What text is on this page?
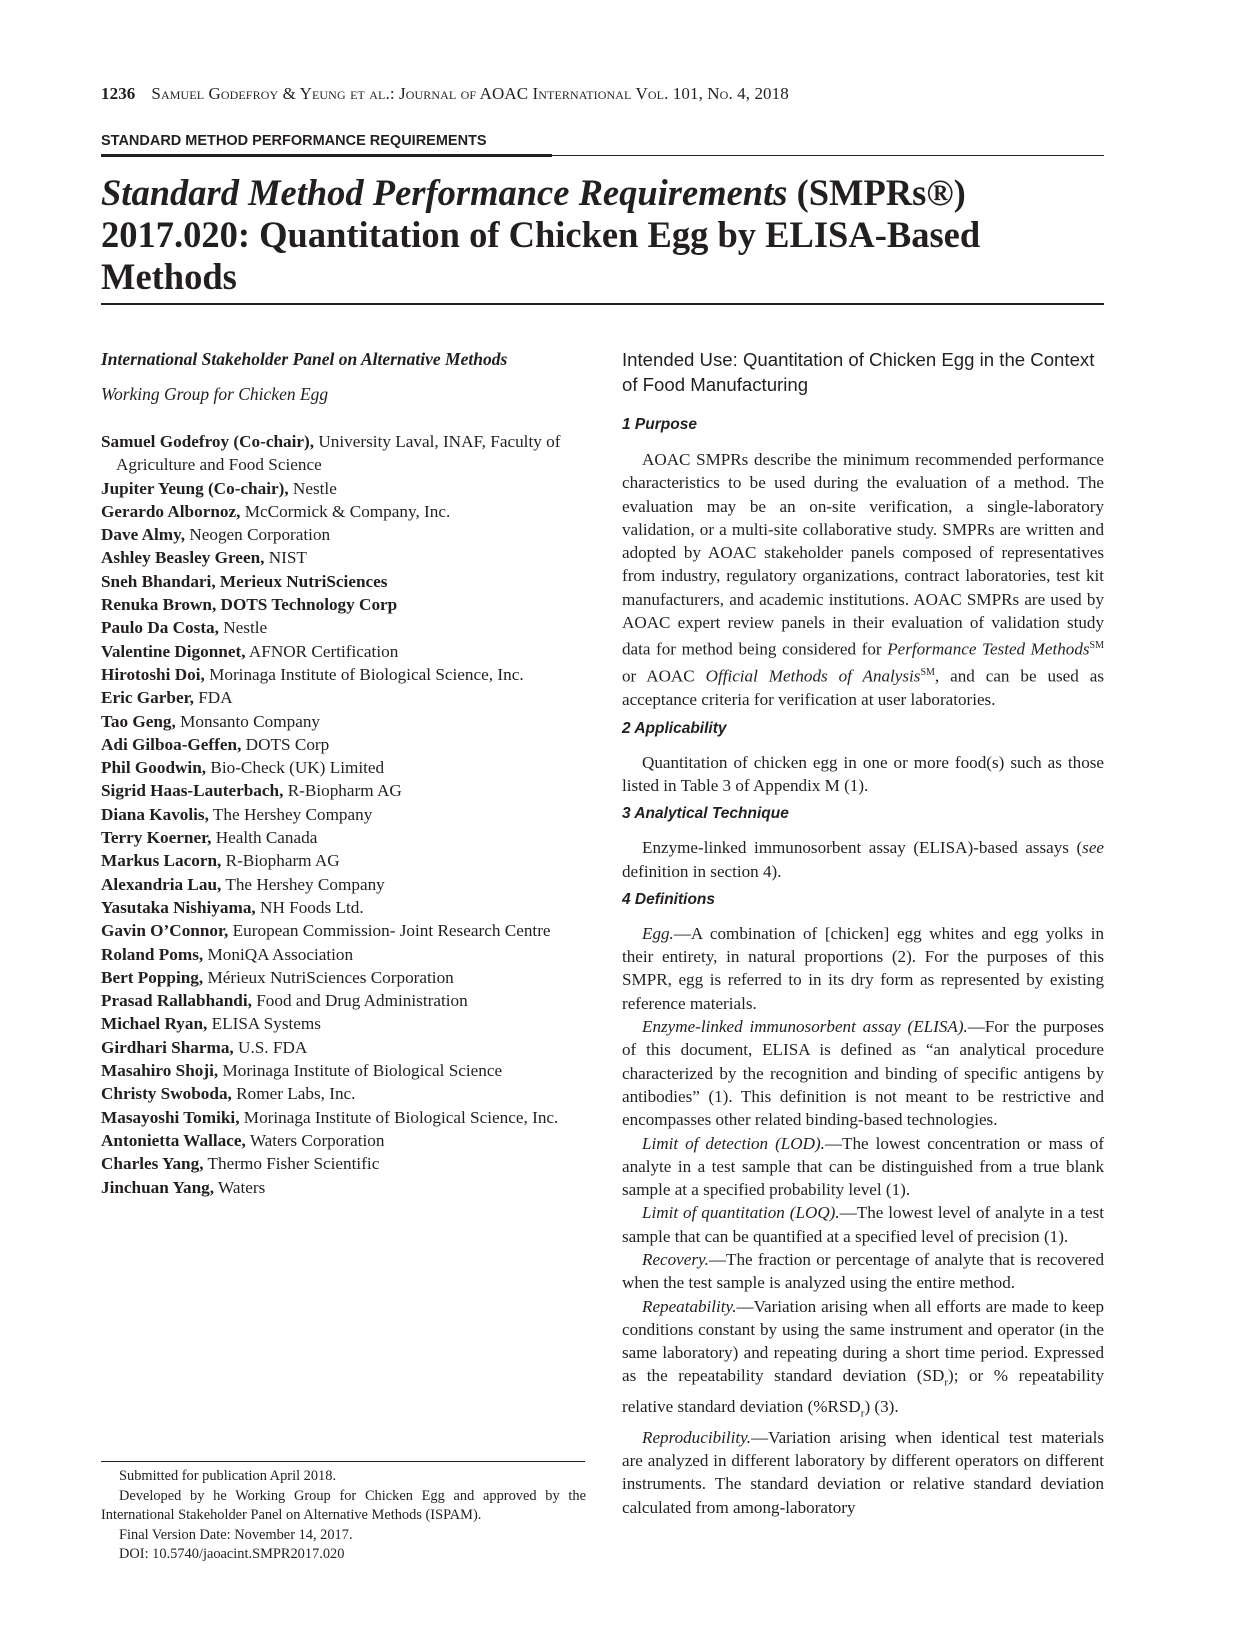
1236 Samuel Godefroy & Yeung et al.: Journal of AOAC International Vol. 101, No. 4, 2018
STANDARD METHOD PERFORMANCE REQUIREMENTS
Standard Method Performance Requirements (SMPRs®)
2017.020: Quantitation of Chicken Egg by ELISA-Based
Methods

International Stakeholder Panel on Alternative Methods

Working Group for Chicken Egg

Samuel Godefroy (Co-chair), University Laval, INAF, Faculty of Agriculture and Food Science
Jupiter Yeung (Co-chair), Nestle
Gerardo Albornoz, McCormick & Company, Inc.
Dave Almy, Neogen Corporation
Ashley Beasley Green, NIST
Sneh Bhandari, Merieux NutriSciences
Renuka Brown, DOTS Technology Corp
Paulo Da Costa, Nestle
Valentine Digonnet, AFNOR Certification
Hirotoshi Doi, Morinaga Institute of Biological Science, Inc.
Eric Garber, FDA
Tao Geng, Monsanto Company
Adi Gilboa-Geffen, DOTS Corp
Phil Goodwin, Bio-Check (UK) Limited
Sigrid Haas-Lauterbach, R-Biopharm AG
Diana Kavolis, The Hershey Company
Terry Koerner, Health Canada
Markus Lacorn, R-Biopharm AG
Alexandria Lau, The Hershey Company
Yasutaka Nishiyama, NH Foods Ltd.
Gavin O’Connor, European Commission- Joint Research Centre
Roland Poms, MoniQA Association
Bert Popping, Mérieux NutriSciences Corporation
Prasad Rallabhandi, Food and Drug Administration
Michael Ryan, ELISA Systems
Girdhari Sharma, U.S. FDA
Masahiro Shoji, Morinaga Institute of Biological Science
Christy Swoboda, Romer Labs, Inc.
Masayoshi Tomiki, Morinaga Institute of Biological Science, Inc.
Antonietta Wallace, Waters Corporation
Charles Yang, Thermo Fisher Scientific
Jinchuan Yang, Waters

Submitted for publication April 2018.

Developed by he Working Group for Chicken Egg and approved by the International Stakeholder Panel on Alternative Methods (ISPAM).

Final Version Date: November 14, 2017.

DOI: 10.5740/jaoacint.SMPR2017.020

Intended Use: Quantitation of Chicken Egg in the Context of Food Manufacturing

1 Purpose

AOAC SMPRs describe the minimum recommended performance characteristics to be used during the evaluation of a method. The evaluation may be an on-site verification, a single-laboratory validation, or a multi-site collaborative study. SMPRs are written and adopted by AOAC stakeholder panels composed of representatives from industry, regulatory organizations, contract laboratories, test kit manufacturers, and academic institutions. AOAC SMPRs are used by AOAC expert review panels in their evaluation of validation study data for method being considered for Performance Tested Methods℠ or AOAC Official Methods of Analysis℠, and can be used as acceptance criteria for verification at user laboratories.

2 Applicability

Quantitation of chicken egg in one or more food(s) such as those listed in Table 3 of Appendix M (1).

3 Analytical Technique

Enzyme-linked immunosorbent assay (ELISA)-based assays (see definition in section 4).

4 Definitions

Egg.—A combination of [chicken] egg whites and egg yolks in their entirety, in natural proportions (2). For the purposes of this SMPR, egg is referred to in its dry form as represented by existing reference materials.

Enzyme-linked immunosorbent assay (ELISA).—For the purposes of this document, ELISA is defined as “an analytical procedure characterized by the recognition and binding of specific antigens by antibodies” (1). This definition is not meant to be restrictive and encompasses other related binding-based technologies.

Limit of detection (LOD).—The lowest concentration or mass of analyte in a test sample that can be distinguished from a true blank sample at a specified probability level (1).

Limit of quantitation (LOQ).—The lowest level of analyte in a test sample that can be quantified at a specified level of precision (1).

Recovery.—The fraction or percentage of analyte that is recovered when the test sample is analyzed using the entire method.

Repeatability.—Variation arising when all efforts are made to keep conditions constant by using the same instrument and operator (in the same laboratory) and repeating during a short time period. Expressed as the repeatability standard deviation $(SD_r)$; or % repeatability relative standard deviation $(\%RSD_r)$ (3).

Reproducibility.—Variation arising when identical test materials are analyzed in different laboratory by different operators on different instruments. The standard deviation or relative standard deviation calculated from among-laboratory
